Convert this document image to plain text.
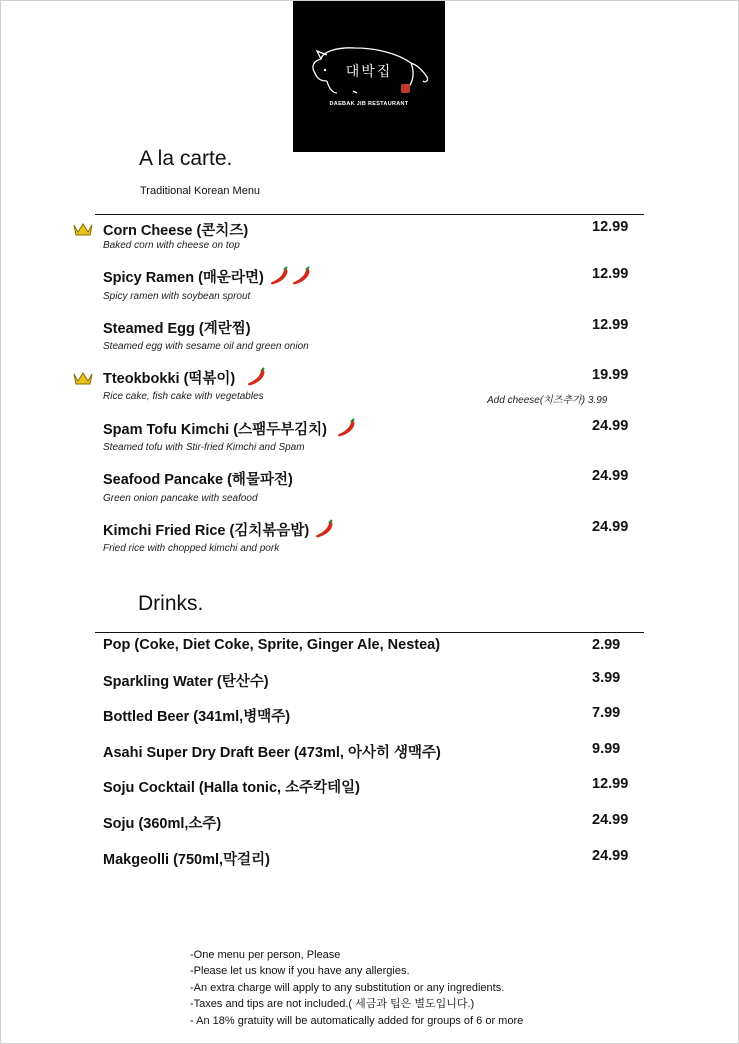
대박집
DAEBAK JIB RESTAURANT
A la carte.
Traditional Korean Menu
Corn Cheese (콘치즈)
Baked corn with cheese on top
12.99
Spicy Ramen (매운라면)
Spicy ramen with soybean sprout
12.99
Steamed Egg (계란찜)
Steamed egg with sesame oil and green onion
12.99
Tteokbokki (떡볶이)
Rice cake, fish cake with vegetables	Add cheese(치즈추가) 3.99
19.99
Spam Tofu Kimchi (스팸두부김치)
Steamed tofu with Stir-fried Kimchi and Spam
24.99
Seafood Pancake (해물파전)
Green onion pancake with seafood
24.99
Kimchi Fried Rice (김치볶음밥)
Fried rice with chopped kimchi and pork
24.99
Drinks.
Pop (Coke, Diet Coke, Sprite, Ginger Ale, Nestea)	2.99
Sparkling Water (탄산수)	3.99
Bottled Beer (341ml,병맥주)	7.99
Asahi Super Dry Draft Beer (473ml, 아사히 생맥주)	9.99
Soju Cocktail (Halla tonic, 소주칵테일)	12.99
Soju (360ml,소주)	24.99
Makgeolli (750ml,막걸리)	24.99
-One menu per person, Please
-Please let us know if you have any allergies.
-An extra charge will apply to any substitution or any ingredients.
-Taxes and tips are not included.( 세금과 팁은 별도입니다.)
- An 18% gratuity will be automatically added for groups of 6 or more
